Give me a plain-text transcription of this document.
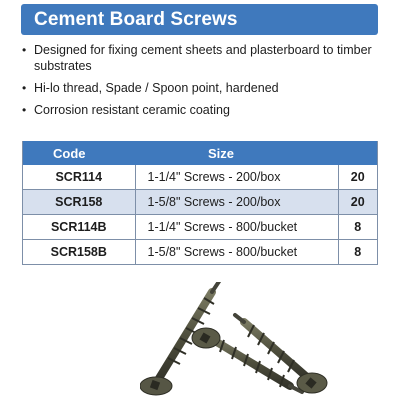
Cement Board Screws
• Designed for fixing cement sheets and plasterboard to timber substrates
• Hi-lo thread, Spade / Spoon point, hardened
• Corrosion resistant ceramic coating
Code	Size	
SCR114	1-1/4" Screws - 200/box	20
SCR158	1-5/8" Screws - 200/box	20
SCR114B	1-1/4" Screws - 800/bucket	8
SCR158B	1-5/8" Screws - 800/bucket	8
